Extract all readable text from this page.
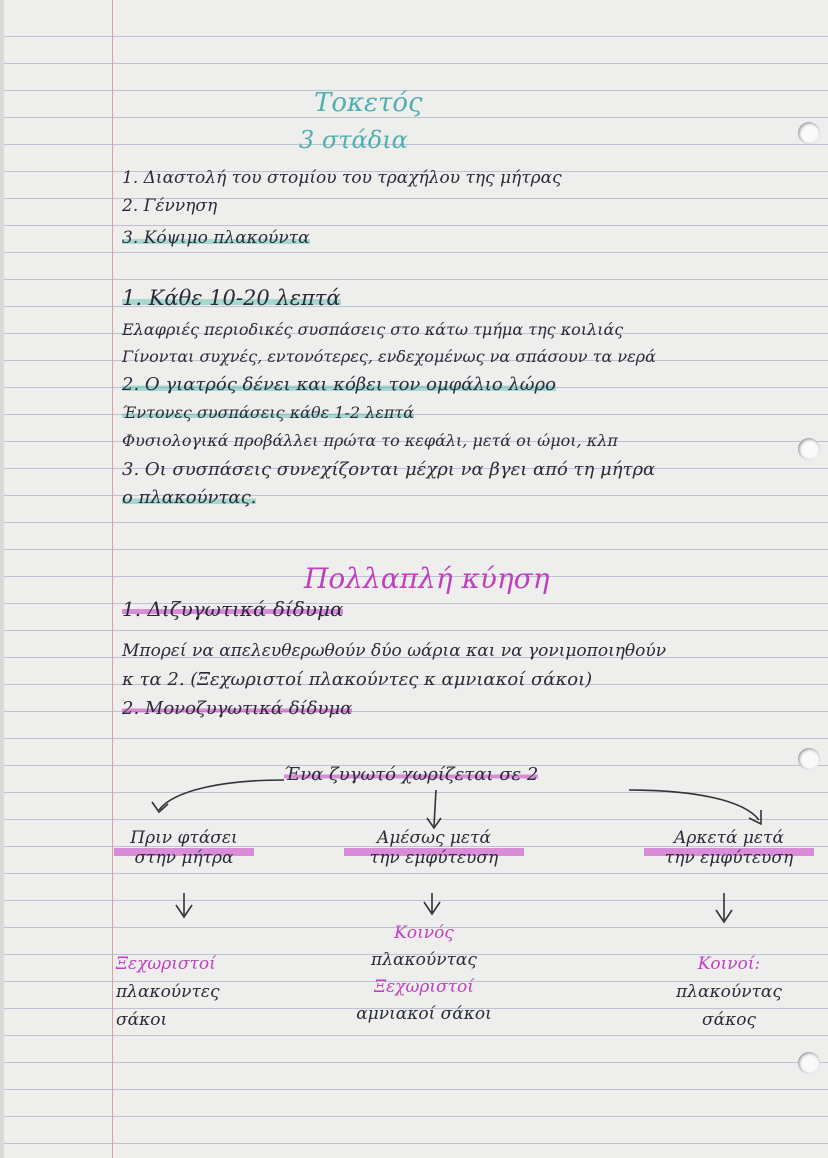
Τοκετός
3 στάδια
1. Διαστολή του στομίου του τραχήλου της μήτρας
2. Γέννηση
3. Κόψιμο πλακούντα
1. Κάθε 10-20 λεπτά
Ελαφριές περιοδικές συσπάσεις στο κάτω τμήμα της κοιλιάς
Γίνονται συχνές, εντονότερες, ενδεχομένως να σπάσουν τα νερά
2. Ο γιατρός δένει και κόβει τον ομφάλιο λώρο
Έντονες συσπάσεις κάθε 1-2 λεπτά
Φυσιολογικά προβάλλει πρώτα το κεφάλι, μετά οι ώμοι, κλπ
3. Οι συσπάσεις συνεχίζονται μέχρι να βγει από τη μήτρα
ο πλακούντας.
Πολλαπλή κύηση
1. Διζυγωτικά δίδυμα
Μπορεί να απελευθερωθούν δύο ωάρια και να γονιμοποιηθούν
κ τα 2. (Ξεχωριστοί πλακούντες κ αμνιακοί σάκοι)
2. Μονοζυγωτικά δίδυμα
Ένα ζυγωτό χωρίζεται σε 2
Πριν φτάσει
στην μήτρα
Αμέσως μετά
την εμφύτευση
Αρκετά μετά
την εμφύτευση
Ξεχωριστοί
πλακούντες
σάκοι
Κοινός
πλακούντας
Ξεχωριστοί
αμνιακοί σάκοι
Κοινοί:
πλακούντας
σάκος
